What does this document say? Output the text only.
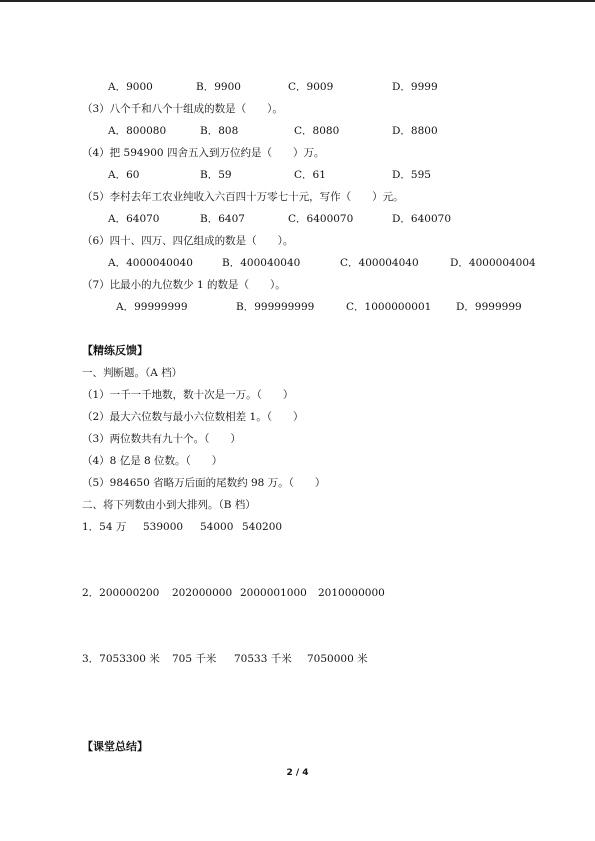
A．9000	B．9900	C．9009	D．9999
（3）八个千和八个十组成的数是（　　）。
A．800080	B．808	C．8080	D．8800
（4）把 594900 四舍五入到万位约是（　　）万。
A．60	B．59	C．61	D．595
（5）李村去年工农业纯收入六百四十万零七十元，写作（　　）元。
A．64070	B．6407	C．6400070	D．640070
（6）四十、四万、四亿组成的数是（　　）。
A．4000040040	B．400040040	C．400004040	D．4000004004
（7）比最小的九位数少 1 的数是（　　）。
A．99999999	B．999999999	C．1000000001 D．9999999
【精练反馈】
一、判断题。（A 档）
（1）一千一千地数，数十次是一万。（　　）
（2）最大六位数与最小六位数相差 1。（　　）
（3）两位数共有九十个。（　　）
（4）8 亿是 8 位数。（　　）
（5）984650 省略万后面的尾数约 98 万。（　　）
二、将下列数由小到大排列。（B 档）
1．54 万 539000 54000 540200
2．200000200 202000000 2000001000 2010000000
3．7053300 米 705 千米 70533 千米 7050000 米
【课堂总结】
2 / 4
